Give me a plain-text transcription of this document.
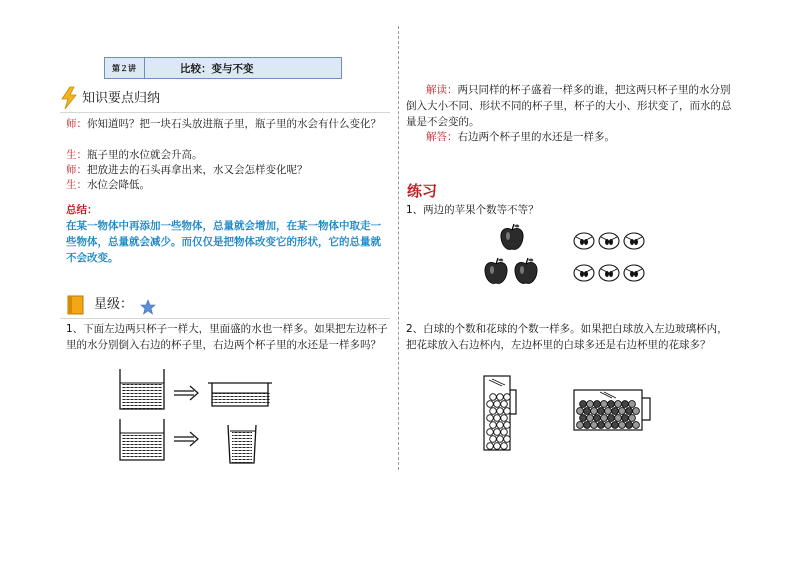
第２讲	比较：变与不变
知识要点归纳
师：你知道吗？把一块石头放进瓶子里，瓶子里的水会有什么变化？
生：瓶子里的水位就会升高。
师：把放进去的石头再拿出来，水又会怎样变化呢？
生：水位会降低。
总结：
在某一物体中再添加一些物体，总量就会增加，在某一物体中取走一些物体，总量就会减少。而仅仅是把物体改变它的形状，它的总量就不会改变。
星级：
1、下面左边两只杯子一样大，里面盛的水也一样多。如果把左边杯子里的水分别倒入右边的杯子里，右边两个杯子里的水还是一样多吗？
解读：两只同样的杯子盛着一样多的谁，把这两只杯子里的水分别倒入大小不同、形状不同的杯子里，杯子的大小、形状变了，而水的总量是不会变的。
解答：右边两个杯子里的水还是一样多。
练习
1、两边的苹果个数等不等？
2、白球的个数和花球的个数一样多。如果把白球放入左边玻璃杯内，把花球放入右边杯内，左边杯里的白球多还是右边杯里的花球多？
